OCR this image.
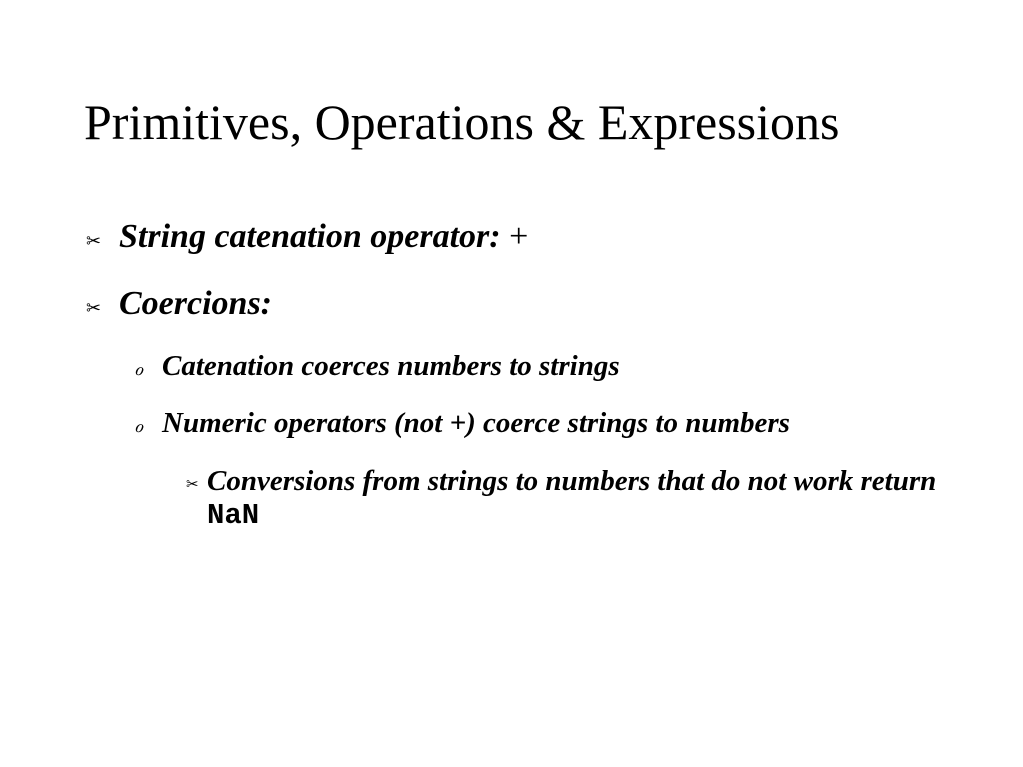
Primitives, Operations & Expressions
✂ String catenation operator: +
✂ Coercions:
ℴ Catenation coerces numbers to strings
ℴ Numeric operators (not +) coerce strings to numbers
✂ Conversions from strings to numbers that do not work return NaN
